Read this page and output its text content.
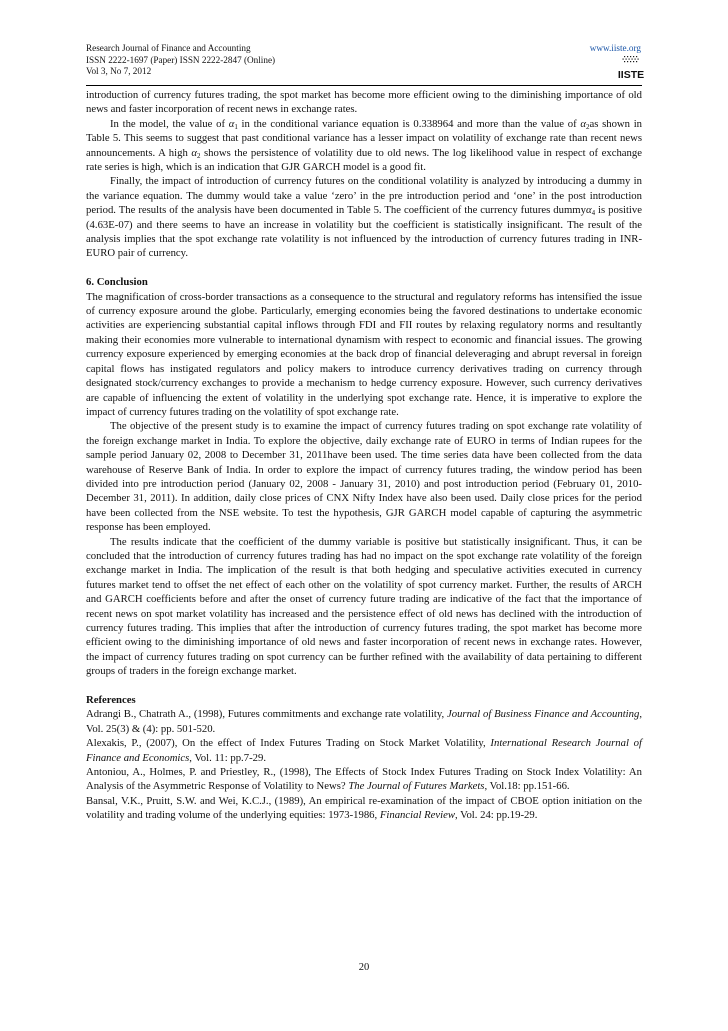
Research Journal of Finance and Accounting
ISSN 2222-1697 (Paper) ISSN 2222-2847 (Online)
Vol 3, No 7, 2012
www.iiste.org
IISTE

introduction of currency futures trading, the spot market has become more efficient owing to the diminishing importance of old news and faster incorporation of recent news in exchange rates.

In the model, the value of $\alpha_1$ in the conditional variance equation is 0.338964 and more than the value of $\alpha_2as$ shown in Table 5. This seems to suggest that past conditional variance has a lesser impact on volatility of exchange rate than recent news announcements. A high $\alpha_2$ shows the persistence of volatility due to old news. The log likelihood value in respect of exchange rate series is high, which is an indication that GJR GARCH model is a good fit.

Finally, the impact of introduction of currency futures on the conditional volatility is analyzed by introducing a dummy in the variance equation. The dummy would take a value ‘zero’ in the pre introduction period and ‘one’ in the post introduction period. The results of the analysis have been documented in Table 5. The coefficient of the currency futures dummyα$_4$ is positive (4.63E-07) and there seems to have an increase in volatility but the coefficient is statistically insignificant. The result of the analysis implies that the spot exchange rate volatility is not influenced by the introduction of currency futures trading in INR-EURO pair of currency.

6. Conclusion

The magnification of cross-border transactions as a consequence to the structural and regulatory reforms has intensified the issue of currency exposure around the globe. Particularly, emerging economies being the favored destinations to undertake economic activities are experiencing substantial capital inflows through FDI and FII routes by relaxing regulatory norms and resultantly making their economies more vulnerable to international dynamism with respect to economic and financial issues. The growing currency exposure experienced by emerging economies at the back drop of financial deleveraging and abrupt reversal in foreign capital flows has instigated regulators and policy makers to introduce currency derivatives trading on currency through designated stock/currency exchanges to provide a mechanism to hedge currency exposure. However, such currency derivatives are capable of influencing the extent of volatility in the underlying spot exchange rate. Hence, it is imperative to explore the impact of currency futures trading on the volatility of spot exchange rate.

The objective of the present study is to examine the impact of currency futures trading on spot exchange rate volatility of the foreign exchange market in India. To explore the objective, daily exchange rate of EURO in terms of Indian rupees for the sample period January 02, 2008 to December 31, 2011have been used. The time series data have been collected from the data warehouse of Reserve Bank of India. In order to explore the impact of currency futures trading, the window period has been divided into pre introduction period (January 02, 2008 - January 31, 2010) and post introduction period (February 01, 2010- December 31, 2011). In addition, daily close prices of CNX Nifty Index have also been used. Daily close prices for the period have been collected from the NSE website. To test the hypothesis, GJR GARCH model capable of capturing the asymmetric response has been employed.

The results indicate that the coefficient of the dummy variable is positive but statistically insignificant. Thus, it can be concluded that the introduction of currency futures trading has had no impact on the spot exchange rate volatility of the foreign exchange market in India. The implication of the result is that both hedging and speculative activities executed in currency futures market tend to offset the net effect of each other on the volatility of spot currency market. Further, the results of ARCH and GARCH coefficients before and after the onset of currency future trading are indicative of the fact that the importance of recent news on spot market volatility has increased and the persistence effect of old news has declined with the introduction of currency futures trading. This implies that after the introduction of currency futures trading, the spot market has become more efficient owing to the diminishing importance of old news and faster incorporation of recent news in exchange rates. However, the impact of currency futures trading on spot currency can be further refined with the availability of data pertaining to different groups of traders in the foreign exchange market.

References

Adrangi B., Chatrath A., (1998), Futures commitments and exchange rate volatility, Journal of Business Finance and Accounting, Vol. 25(3) & (4): pp. 501-520.

Alexakis, P., (2007), On the effect of Index Futures Trading on Stock Market Volatility, International Research Journal of Finance and Economics, Vol. 11: pp.7-29.

Antoniou, A., Holmes, P. and Priestley, R., (1998), The Effects of Stock Index Futures Trading on Stock Index Volatility: An Analysis of the Asymmetric Response of Volatility to News? The Journal of Futures Markets, Vol.18: pp.151-66.

Bansal, V.K., Pruitt, S.W. and Wei, K.C.J., (1989), An empirical re-examination of the impact of CBOE option initiation on the volatility and trading volume of the underlying equities: 1973-1986, Financial Review, Vol. 24: pp.19-29.

20
